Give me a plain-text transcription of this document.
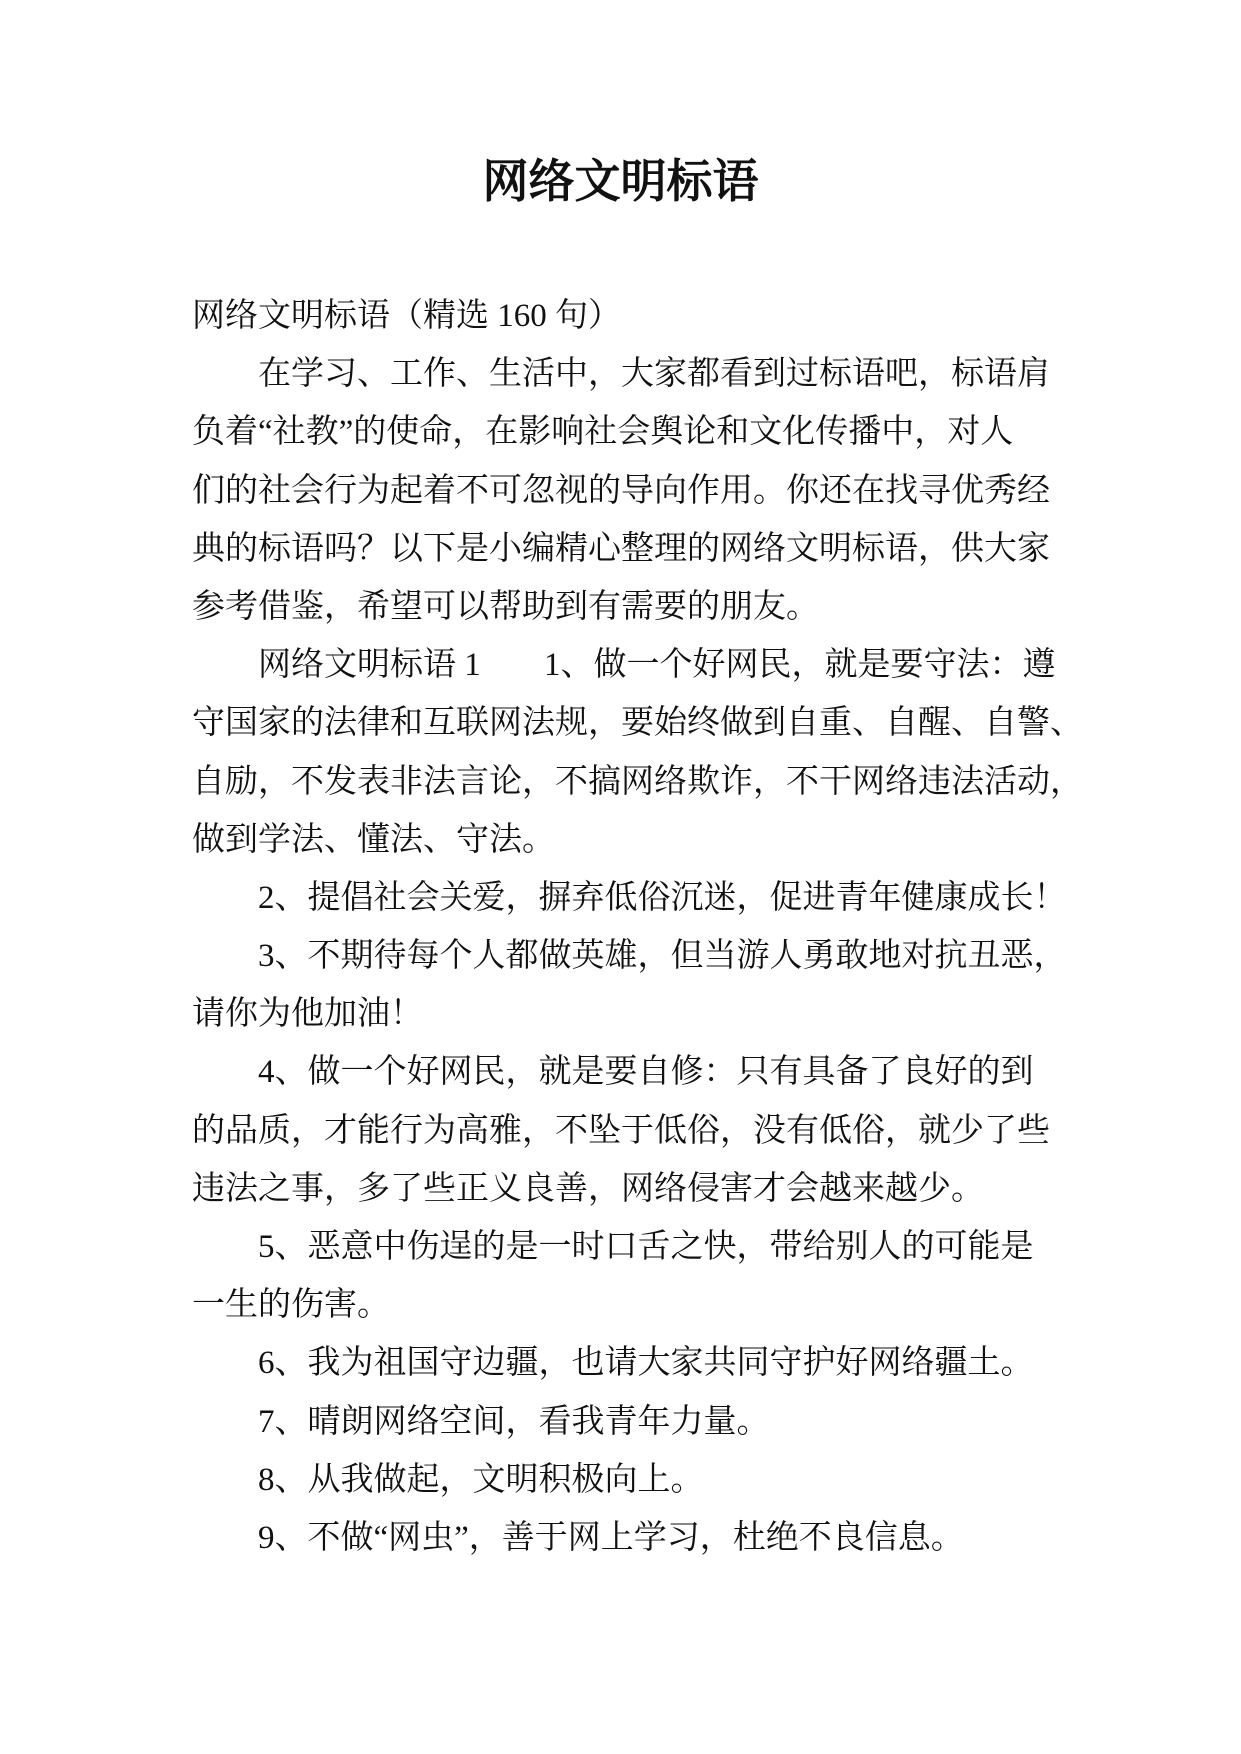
网络文明标语
网络文明标语（精选 160 句）
在学习、工作、生活中，大家都看到过标语吧，标语肩
负着“社教”的使命，在影响社会舆论和文化传播中，对人
们的社会行为起着不可忽视的导向作用。你还在找寻优秀经
典的标语吗？以下是小编精心整理的网络文明标语，供大家
参考借鉴，希望可以帮助到有需要的朋友。
网络文明标语 1 1、做一个好网民，就是要守法：遵
守国家的法律和互联网法规，要始终做到自重、自醒、自警、
自励，不发表非法言论，不搞网络欺诈，不干网络违法活动，
做到学法、懂法、守法。
2、提倡社会关爱，摒弃低俗沉迷，促进青年健康成长！
3、不期待每个人都做英雄，但当游人勇敢地对抗丑恶，
请你为他加油！
4、做一个好网民，就是要自修：只有具备了良好的到
的品质，才能行为高雅，不坠于低俗，没有低俗，就少了些
违法之事，多了些正义良善，网络侵害才会越来越少。
5、恶意中伤逞的是一时口舌之快，带给别人的可能是
一生的伤害。
6、我为祖国守边疆，也请大家共同守护好网络疆土。
7、晴朗网络空间，看我青年力量。
8、从我做起，文明积极向上。
9、不做“网虫”，善于网上学习，杜绝不良信息。
